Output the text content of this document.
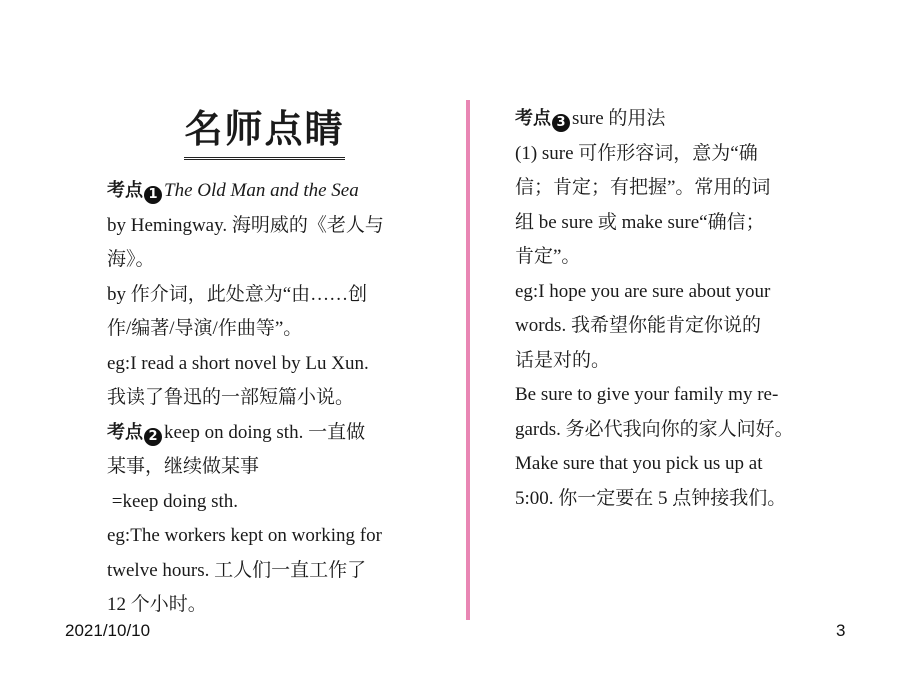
名师点睛
考点 1 The Old Man and the Sea
by Hemingway. 海明威的《老人与
海》。
by 作介词，此处意为“由……创
作/编著/导演/作曲等”。
eg:I read a short novel by Lu Xun.
我读了鲁迅的一部短篇小说。
考点 2 keep on doing sth. 一直做
某事，继续做某事
=keep doing sth.
eg:The workers kept on working for
twelve hours. 工人们一直工作了
12 个小时。
考点 3 sure 的用法
(1) sure 可作形容词，意为“确
信；肯定；有把握”。常用的词
组 be sure 或 make sure“确信；
肯定”。
eg:I hope you are sure about your
words. 我希望你能肯定你说的
话是对的。
Be sure to give your family my re-
gards. 务必代我向你的家人问好。
Make sure that you pick us up at
5:00. 你一定要在 5 点钟接我们。
2021/10/10	3
